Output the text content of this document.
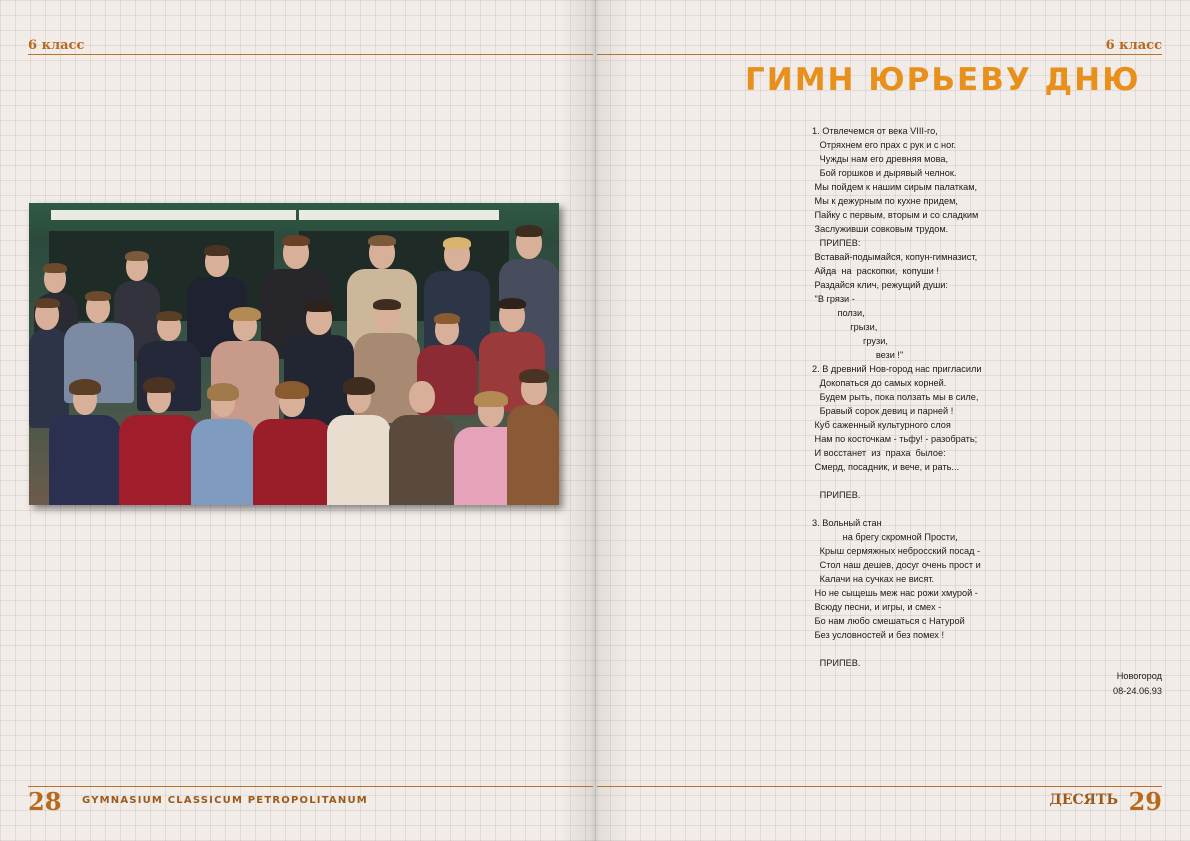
6 класс	6 класс
ГИМН ЮРЬЕВУ ДНЮ
1. Отвлечемся от века VIII-го,
Отряхнем его прах с рук и с ног.
Чужды нам его древняя мова,
Бой горшков и дырявый челнок.
Мы пойдем к нашим сирым палаткам,
Мы к дежурным по кухне придем,
Пайку с первым, вторым и со сладким
Заслуживши совковым трудом.
ПРИПЕВ:
Вставай-подымайся, копун-гимназист,
Айда  на  раскопки,  копуши !
Раздайся клич, режущий души:
"В грязи -
ползи,
грызи,
грузи,
вези !"
2. В древний Нов-город нас пригласили
Докопаться до самых корней.
Будем рыть, пока ползать мы в силе,
Бравый сорок девиц и парней !
Куб саженный культурного слоя
Нам по косточкам - тьфу! - разобрать;
И восстанет  из  праха  былое:
Смерд, посадник, и вече, и рать...
ПРИПЕВ.
3. Вольный стан
на брегу скромной Прости,
Крыш сермяжных небросский посад -
Стол наш дешев, досуг очень прост и
Калачи на сучках не висят.
Но не сыщешь меж нас рожи хмурой -
Всюду песни, и игры, и смех -
Бо нам любо смешаться с Натурой
Без условностей и без помех !
ПРИПЕВ.
Новогород
08-24.06.93
28 GYMNASIUM CLASSICUM PETROPOLITANUM	ДЕСЯТЬ 29
